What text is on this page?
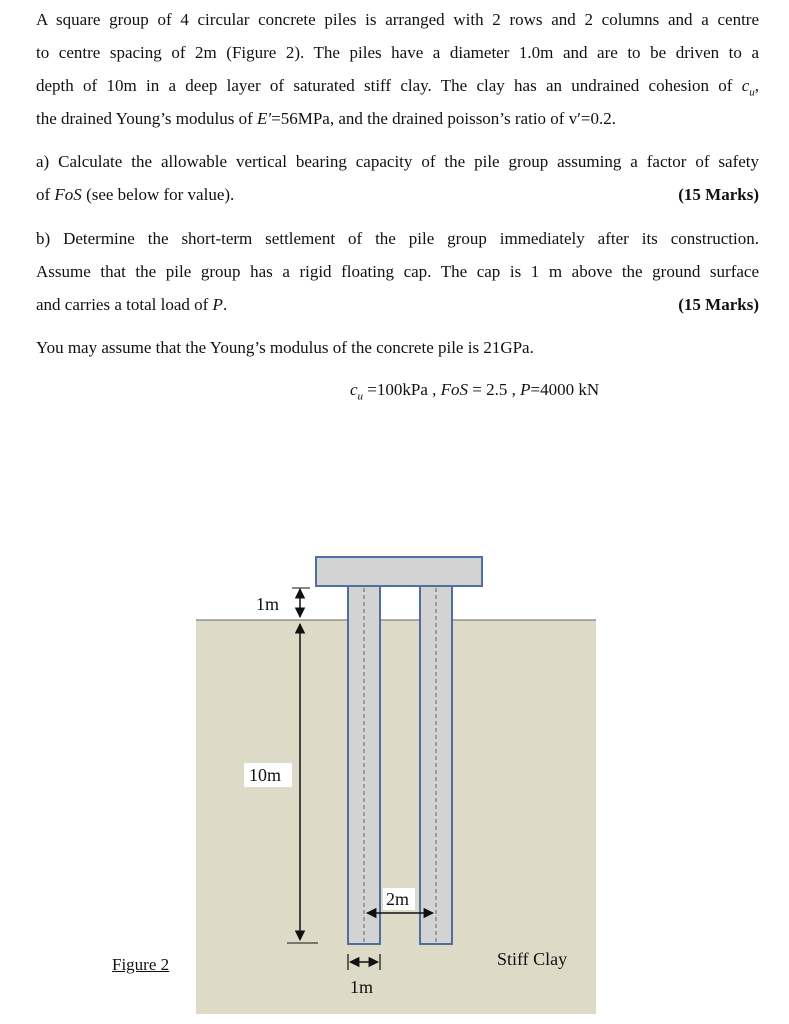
A square group of 4 circular concrete piles is arranged with 2 rows and 2 columns and a centre
to centre spacing of 2m (Figure 2). The piles have a diameter 1.0m and are to be driven to a
depth of 10m in a deep layer of saturated stiff clay. The clay has an undrained cohesion of $c_u$,
the drained Young’s modulus of E′=56MPa, and the drained poisson’s ratio of v′=0.2.
a) Calculate the allowable vertical bearing capacity of the pile group assuming a factor of safety
of FoS (see below for value).	(15 Marks)
b) Determine the short-term settlement of the pile group immediately after its construction.
Assume that the pile group has a rigid floating cap. The cap is 1 m above the ground surface
and carries a total load of P.	(15 Marks)
You may assume that the Young’s modulus of the concrete pile is 21GPa.
$c_u =100kPa$ , FoS = 2.5 , P=4000 kN
1m
10m
2m
1m
Stiff Clay
Figure 2
